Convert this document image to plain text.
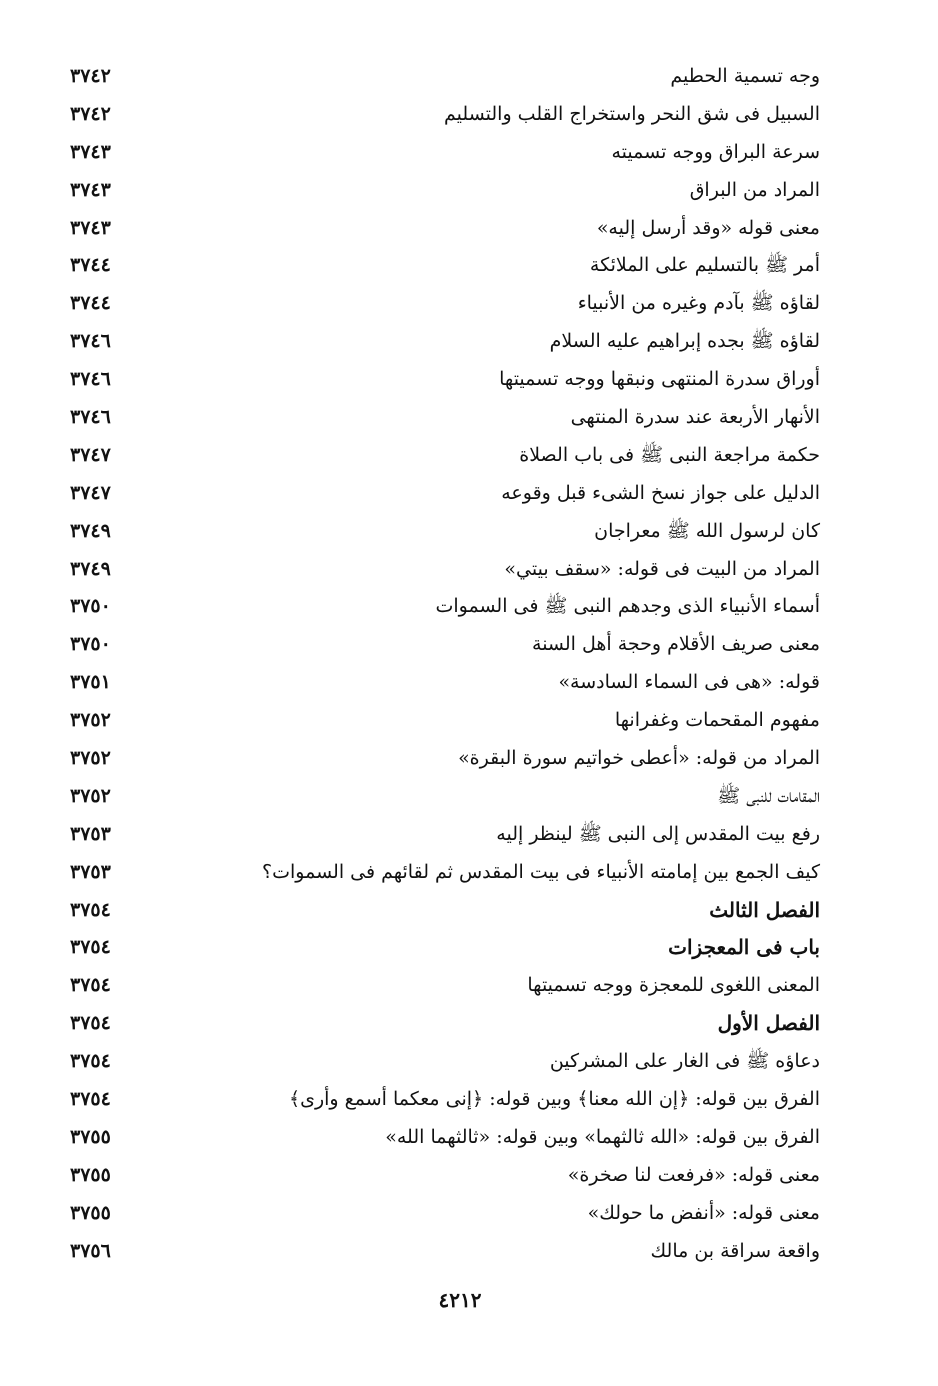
وجه تسمية الحطيم
٣٧٤٢
السبيل فى شق النحر واستخراج القلب والتسليم
٣٧٤٢
سرعة البراق ووجه تسميته
٣٧٤٣
المراد من البراق
٣٧٤٣
معنى قوله «وقد أرسل إليه»
٣٧٤٣
أمر ﷺ بالتسليم على الملائكة
٣٧٤٤
لقاؤه ﷺ بآدم وغيره من الأنبياء
٣٧٤٤
لقاؤه ﷺ بجده إبراهيم عليه السلام
٣٧٤٦
أوراق سدرة المنتهى ونبقها ووجه تسميتها
٣٧٤٦
الأنهار الأربعة عند سدرة المنتهى
٣٧٤٦
حكمة مراجعة النبى ﷺ فى باب الصلاة
٣٧٤٧
الدليل على جواز نسخ الشىء قبل وقوعه
٣٧٤٧
كان لرسول الله ﷺ معراجان
٣٧٤٩
المراد من البيت فى قوله: «سقف بيتي»
٣٧٤٩
أسماء الأنبياء الذى وجدهم النبى ﷺ فى السموات
٣٧٥٠
معنى صريف الأقلام وحجة أهل السنة
٣٧٥٠
قوله: «هى فى السماء السادسة»
٣٧٥١
مفهوم المقحمات وغفرانها
٣٧٥٢
المراد من قوله: «أعطى خواتيم سورة البقرة»
٣٧٥٢
المقامات للنبى ﷺ
٣٧٥٢
رفع بيت المقدس إلى النبى ﷺ لينظر إليه
٣٧٥٣
كيف الجمع بين إمامته الأنبياء فى بيت المقدس ثم لقائهم فى السموات؟
٣٧٥٣
الفصل الثالث
٣٧٥٤
باب فى المعجزات
٣٧٥٤
المعنى اللغوى للمعجزة ووجه تسميتها
٣٧٥٤
الفصل الأول
٣٧٥٤
دعاؤه ﷺ فى الغار على المشركين
٣٧٥٤
الفرق بين قوله: ﴿إن الله معنا﴾ وبين قوله: ﴿إنى معكما أسمع وأرى﴾
٣٧٥٤
الفرق بين قوله: «الله ثالثهما» وبين قوله: «ثالثهما الله»
٣٧٥٥
معنى قوله: «فرفعت لنا صخرة»
٣٧٥٥
معنى قوله: «أنفض ما حولك»
٣٧٥٥
واقعة سراقة بن مالك
٣٧٥٦
٤٢١٢
